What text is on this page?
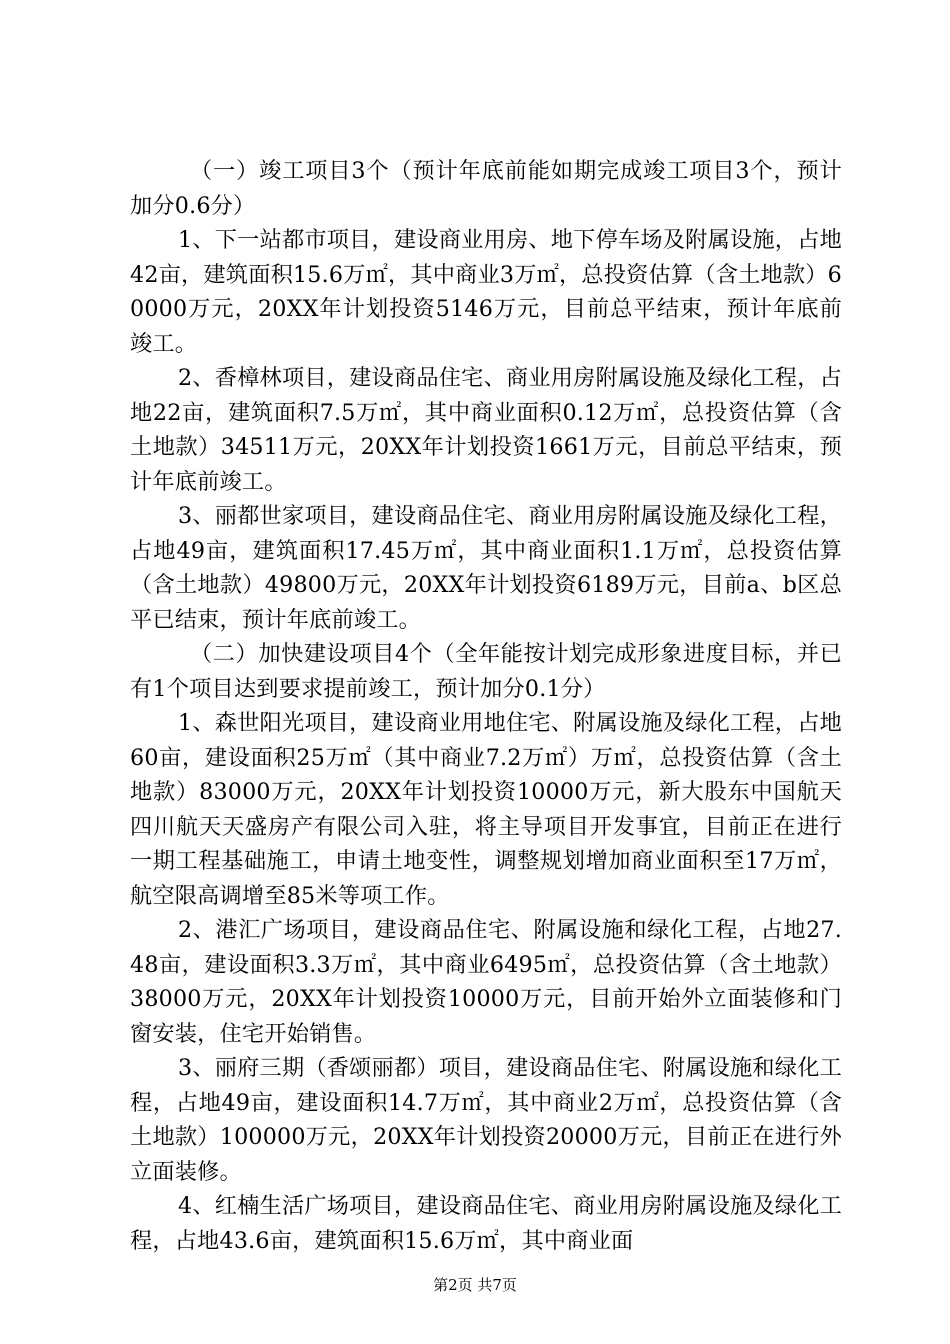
（一）竣工项目3个（预计年底前能如期完成竣工项目3个，预计加分0.6分）

1、下一站都市项目，建设商业用房、地下停车场及附属设施，占地42亩，建筑面积15.6万㎡，其中商业3万㎡，总投资估算（含土地款）60000万元，20XX年计划投资5146万元，目前总平结束，预计年底前竣工。

2、香樟林项目，建设商品住宅、商业用房附属设施及绿化工程，占地22亩，建筑面积7.5万㎡，其中商业面积0.12万㎡，总投资估算（含土地款）34511万元，20XX年计划投资1661万元，目前总平结束，预计年底前竣工。

3、丽都世家项目，建设商品住宅、商业用房附属设施及绿化工程，占地49亩，建筑面积17.45万㎡，其中商业面积1.1万㎡，总投资估算（含土地款）49800万元，20XX年计划投资6189万元，目前a、b区总平已结束，预计年底前竣工。

（二）加快建设项目4个（全年能按计划完成形象进度目标，并已有1个项目达到要求提前竣工，预计加分0.1分）

1、森世阳光项目，建设商业用地住宅、附属设施及绿化工程，占地60亩，建设面积25万㎡（其中商业7.2万㎡）万㎡，总投资估算（含土地款）83000万元，20XX年计划投资10000万元，新大股东中国航天四川航天天盛房产有限公司入驻，将主导项目开发事宜，目前正在进行一期工程基础施工，申请土地变性，调整规划增加商业面积至17万㎡，航空限高调增至85米等项工作。

2、港汇广场项目，建设商品住宅、附属设施和绿化工程，占地27.48亩，建设面积3.3万㎡，其中商业6495㎡，总投资估算（含土地款）38000万元，20XX年计划投资10000万元，目前开始外立面装修和门窗安装，住宅开始销售。

3、丽府三期（香颂丽都）项目，建设商品住宅、附属设施和绿化工程，占地49亩，建设面积14.7万㎡，其中商业2万㎡，总投资估算（含土地款）100000万元，20XX年计划投资20000万元，目前正在进行外立面装修。

4、红楠生活广场项目，建设商品住宅、商业用房附属设施及绿化工程，占地43.6亩，建筑面积15.6万㎡，其中商业面

第2页 共7页
